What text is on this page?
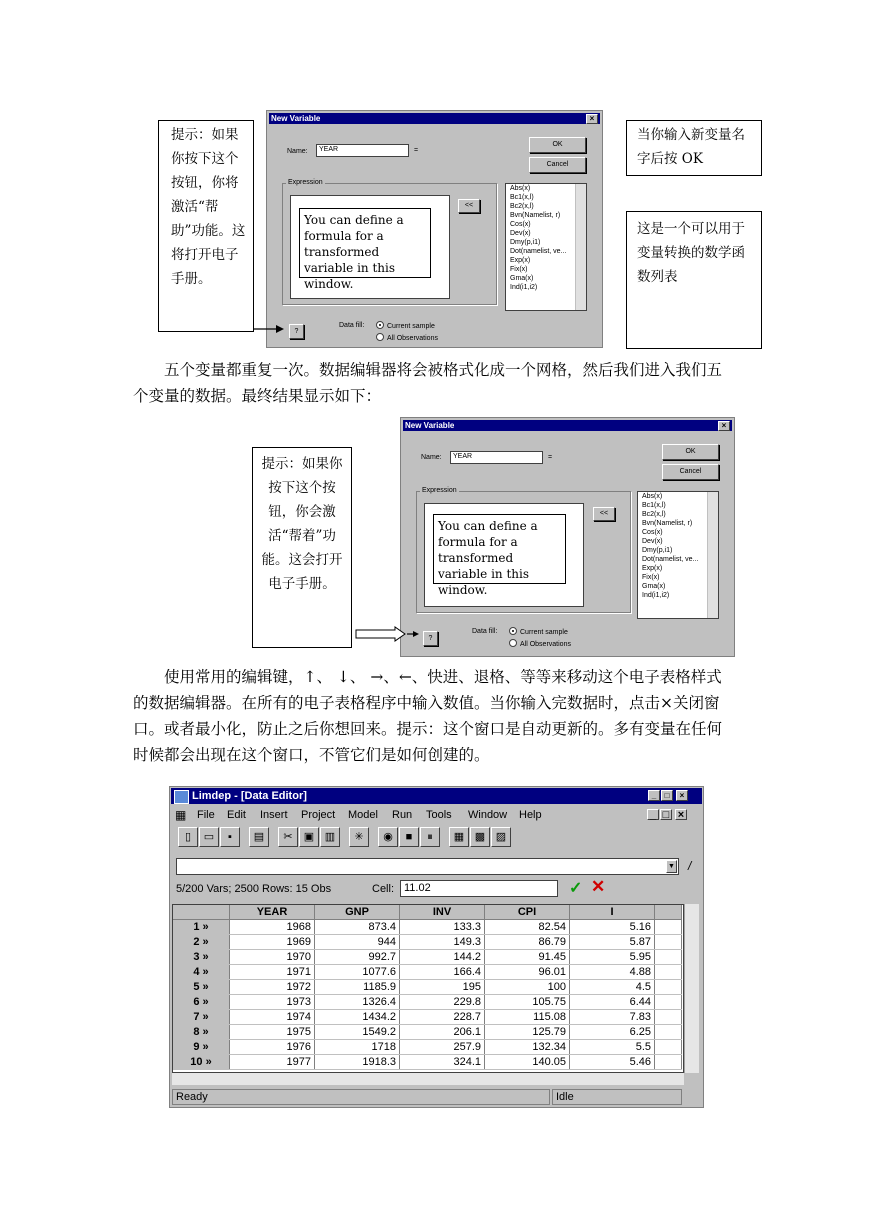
提示：如果你按下这个按钮，你将激活“帮助”功能。这将打开电子手册。
New Variable	×
Name:	YEAR	=
OK
Cancel
Expression
You can define a formula for a transformed variable in this window.
<<
Abs(x)
Bc1(x,l)
Bc2(x,l)
Bvn(Namelist, r)
Cos(x)
Dev(x)
Dmy(p,i1)
Dot(namelist, ve...
Exp(x)
Fix(x)
Gma(x)
Ind(i1,i2)
?
Data fill:	Current sample
All Observations
当你输入新变量名字后按 OK
这是一个可以用于变量转换的数学函数列表
五个变量都重复一次。数据编辑器将会被格式化成一个网格，然后我们进入我们五个变量的数据。最终结果显示如下：
提示：如果你按下这个按钮，你会激活“帮着”功能。这会打开电子手册。
New Variable	×
Name:	YEAR	=
OK
Cancel
Expression
You can define a formula for a transformed variable in this window.
<<
Abs(x)
Bc1(x,l)
Bc2(x,l)
Bvn(Namelist, r)
Cos(x)
Dev(x)
Dmy(p,i1)
Dot(namelist, ve...
Exp(x)
Fix(x)
Gma(x)
Ind(i1,i2)
?
Data fill:	Current sample
All Observations
使用常用的编辑键，↑、 ↓、 →、←、快进、退格、等等来移动这个电子表格样式的数据编辑器。在所有的电子表格程序中输入数值。当你输入完数据时，点击×关闭窗口。或者最小化，防止之后你想回来。提示：这个窗口是自动更新的。多有变量在任何时候都会出现在这个窗口，不管它们是如何创建的。
Limdep - [Data Editor]	_	□	×
▦ File Edit Insert Project Model Run Tools Window Help	_ □ ×
▯	▭	▪	▤	✂	▣ ▥	✳	◉	■	⏸	▦ ▩ ▨
▼ /
5/200 Vars; 2500 Rows: 15 Obs	Cell: 11.02	✓ ✕
	YEAR	GNP	INV	CPI	I	
1 »	1968	873.4	133.3	82.54	5.16	
2 »	1969	944	149.3	86.79	5.87	
3 »	1970	992.7	144.2	91.45	5.95	
4 »	1971	1077.6	166.4	96.01	4.88	
5 »	1972	1185.9	195	100	4.5	
6 »	1973	1326.4	229.8	105.75	6.44	
7 »	1974	1434.2	228.7	115.08	7.83	
8 »	1975	1549.2	206.1	125.79	6.25	
9 »	1976	1718	257.9	132.34	5.5	
10 »	1977	1918.3	324.1	140.05	5.46	
Ready	Idle
